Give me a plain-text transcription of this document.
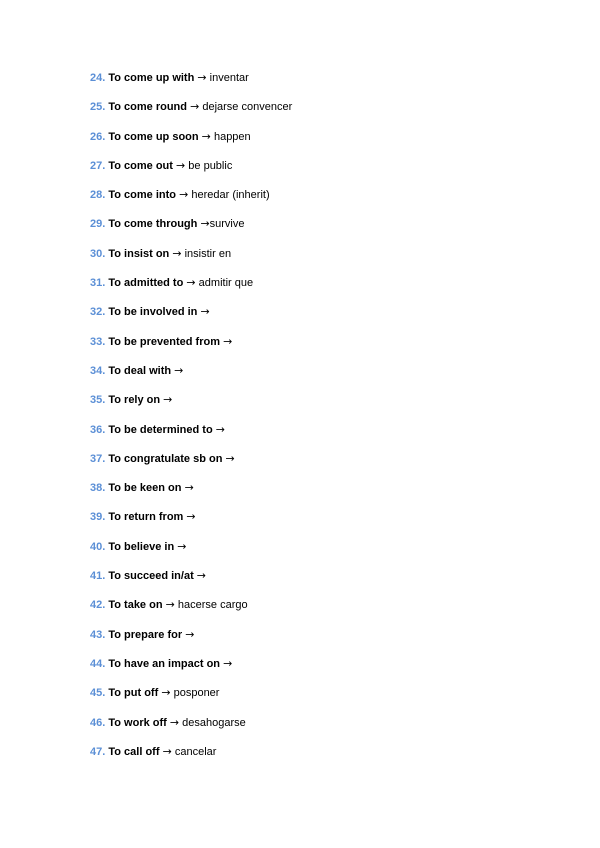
24. To come up with → inventar
25. To come round → dejarse convencer
26. To come up soon → happen
27. To come out → be public
28. To come into → heredar (inherit)
29. To come through →survive
30. To insist on → insistir en
31. To admitted to → admitir que
32. To be involved in →
33. To be prevented from →
34. To deal with →
35. To rely on →
36. To be determined to →
37. To congratulate sb on →
38. To be keen on →
39. To return from →
40. To believe in →
41. To succeed in/at →
42. To take on → hacerse cargo
43. To prepare for →
44. To have an impact on →
45. To put off → posponer
46. To work off → desahogarse
47. To call off → cancelar
